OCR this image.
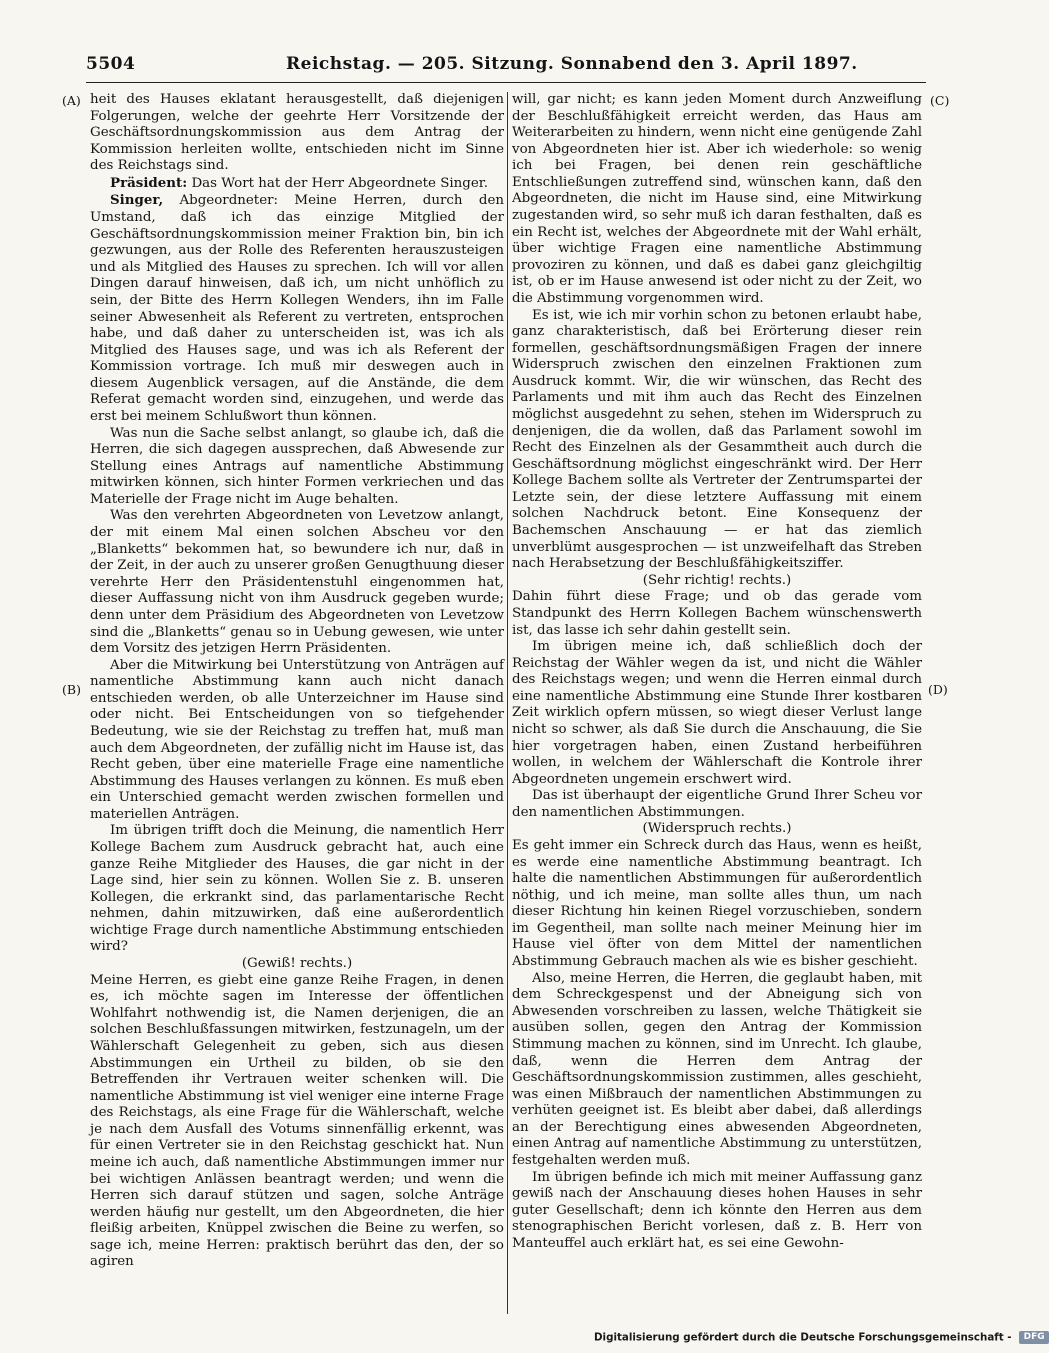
5504	Reichstag. — 205. Sitzung. Sonnabend den 3. April 1897.
(A)
(B)
(C)
(D)

heit des Hauses eklatant herausgestellt, daß diejenigen Folgerungen, welche der geehrte Herr Vorsitzende der Geschäftsordnungskommission aus dem Antrag der Kommission herleiten wollte, entschieden nicht im Sinne des Reichstags sind.

Präsident: Das Wort hat der Herr Abgeordnete Singer.

Singer, Abgeordneter: Meine Herren, durch den Umstand, daß ich das einzige Mitglied der Geschäftsordnungskommission meiner Fraktion bin, bin ich gezwungen, aus der Rolle des Referenten herauszusteigen und als Mitglied des Hauses zu sprechen. Ich will vor allen Dingen darauf hinweisen, daß ich, um nicht unhöflich zu sein, der Bitte des Herrn Kollegen Wenders, ihn im Falle seiner Abwesenheit als Referent zu vertreten, entsprochen habe, und daß daher zu unterscheiden ist, was ich als Mitglied des Hauses sage, und was ich als Referent der Kommission vortrage. Ich muß mir deswegen auch in diesem Augenblick versagen, auf die Anstände, die dem Referat gemacht worden sind, einzugehen, und werde das erst bei meinem Schlußwort thun können.

Was nun die Sache selbst anlangt, so glaube ich, daß die Herren, die sich dagegen aussprechen, daß Abwesende zur Stellung eines Antrags auf namentliche Abstimmung mitwirken können, sich hinter Formen verkriechen und das Materielle der Frage nicht im Auge behalten.

Was den verehrten Abgeordneten von Levetzow anlangt, der mit einem Mal einen solchen Abscheu vor den „Blanketts“ bekommen hat, so bewundere ich nur, daß in der Zeit, in der auch zu unserer großen Genugthuung dieser verehrte Herr den Präsidentenstuhl eingenommen hat, dieser Auffassung nicht von ihm Ausdruck gegeben wurde; denn unter dem Präsidium des Abgeordneten von Levetzow sind die „Blanketts“ genau so in Uebung gewesen, wie unter dem Vorsitz des jetzigen Herrn Präsidenten.

Aber die Mitwirkung bei Unterstützung von Anträgen auf namentliche Abstimmung kann auch nicht danach entschieden werden, ob alle Unterzeichner im Hause sind oder nicht. Bei Entscheidungen von so tiefgehender Bedeutung, wie sie der Reichstag zu treffen hat, muß man auch dem Abgeordneten, der zufällig nicht im Hause ist, das Recht geben, über eine materielle Frage eine namentliche Abstimmung des Hauses verlangen zu können. Es muß eben ein Unterschied gemacht werden zwischen formellen und materiellen Anträgen.

Im übrigen trifft doch die Meinung, die namentlich Herr Kollege Bachem zum Ausdruck gebracht hat, auch eine ganze Reihe Mitglieder des Hauses, die gar nicht in der Lage sind, hier sein zu können. Wollen Sie z. B. unseren Kollegen, die erkrankt sind, das parlamentarische Recht nehmen, dahin mitzuwirken, daß eine außerordentlich wichtige Frage durch namentliche Abstimmung entschieden wird?

(Gewiß! rechts.)

Meine Herren, es giebt eine ganze Reihe Fragen, in denen es, ich möchte sagen im Interesse der öffentlichen Wohlfahrt nothwendig ist, die Namen derjenigen, die an solchen Beschlußfassungen mitwirken, festzunageln, um der Wählerschaft Gelegenheit zu geben, sich aus diesen Abstimmungen ein Urtheil zu bilden, ob sie den Betreffenden ihr Vertrauen weiter schenken will. Die namentliche Abstimmung ist viel weniger eine interne Frage des Reichstags, als eine Frage für die Wählerschaft, welche je nach dem Ausfall des Votums sinnenfällig erkennt, was für einen Vertreter sie in den Reichstag geschickt hat. Nun meine ich auch, daß namentliche Abstimmungen immer nur bei wichtigen Anlässen beantragt werden; und wenn die Herren sich darauf stützen und sagen, solche Anträge werden häufig nur gestellt, um den Abgeordneten, die hier fleißig arbeiten, Knüppel zwischen die Beine zu werfen, so sage ich, meine Herren: praktisch berührt das den, der so agiren

will, gar nicht; es kann jeden Moment durch Anzweiflung der Beschlußfähigkeit erreicht werden, das Haus am Weiterarbeiten zu hindern, wenn nicht eine genügende Zahl von Abgeordneten hier ist. Aber ich wiederhole: so wenig ich bei Fragen, bei denen rein geschäftliche Entschließungen zutreffend sind, wünschen kann, daß den Abgeordneten, die nicht im Hause sind, eine Mitwirkung zugestanden wird, so sehr muß ich daran festhalten, daß es ein Recht ist, welches der Abgeordnete mit der Wahl erhält, über wichtige Fragen eine namentliche Abstimmung provoziren zu können, und daß es dabei ganz gleichgiltig ist, ob er im Hause anwesend ist oder nicht zu der Zeit, wo die Abstimmung vorgenommen wird.

Es ist, wie ich mir vorhin schon zu betonen erlaubt habe, ganz charakteristisch, daß bei Erörterung dieser rein formellen, geschäftsordnungsmäßigen Fragen der innere Widerspruch zwischen den einzelnen Fraktionen zum Ausdruck kommt. Wir, die wir wünschen, das Recht des Parlaments und mit ihm auch das Recht des Einzelnen möglichst ausgedehnt zu sehen, stehen im Widerspruch zu denjenigen, die da wollen, daß das Parlament sowohl im Recht des Einzelnen als der Gesammtheit auch durch die Geschäftsordnung möglichst eingeschränkt wird. Der Herr Kollege Bachem sollte als Vertreter der Zentrumspartei der Letzte sein, der diese letztere Auffassung mit einem solchen Nachdruck betont. Eine Konsequenz der Bachemschen Anschauung — er hat das ziemlich unverblümt ausgesprochen — ist unzweifelhaft das Streben nach Herabsetzung der Beschlußfähigkeitsziffer.

(Sehr richtig! rechts.)

Dahin führt diese Frage; und ob das gerade vom Standpunkt des Herrn Kollegen Bachem wünschenswerth ist, das lasse ich sehr dahin gestellt sein.

Im übrigen meine ich, daß schließlich doch der Reichstag der Wähler wegen da ist, und nicht die Wähler des Reichstags wegen; und wenn die Herren einmal durch eine namentliche Abstimmung eine Stunde Ihrer kostbaren Zeit wirklich opfern müssen, so wiegt dieser Verlust lange nicht so schwer, als daß Sie durch die Anschauung, die Sie hier vorgetragen haben, einen Zustand herbeiführen wollen, in welchem der Wählerschaft die Kontrole ihrer Abgeordneten ungemein erschwert wird.

Das ist überhaupt der eigentliche Grund Ihrer Scheu vor den namentlichen Abstimmungen.

(Widerspruch rechts.)

Es geht immer ein Schreck durch das Haus, wenn es heißt, es werde eine namentliche Abstimmung beantragt. Ich halte die namentlichen Abstimmungen für außerordentlich nöthig, und ich meine, man sollte alles thun, um nach dieser Richtung hin keinen Riegel vorzuschieben, sondern im Gegentheil, man sollte nach meiner Meinung hier im Hause viel öfter von dem Mittel der namentlichen Abstimmung Gebrauch machen als wie es bisher geschieht.

Also, meine Herren, die Herren, die geglaubt haben, mit dem Schreckgespenst und der Abneigung sich von Abwesenden vorschreiben zu lassen, welche Thätigkeit sie ausüben sollen, gegen den Antrag der Kommission Stimmung machen zu können, sind im Unrecht. Ich glaube, daß, wenn die Herren dem Antrag der Geschäftsordnungskommission zustimmen, alles geschieht, was einen Mißbrauch der namentlichen Abstimmungen zu verhüten geeignet ist. Es bleibt aber dabei, daß allerdings an der Berechtigung eines abwesenden Abgeordneten, einen Antrag auf namentliche Abstimmung zu unterstützen, festgehalten werden muß.

Im übrigen befinde ich mich mit meiner Auffassung ganz gewiß nach der Anschauung dieses hohen Hauses in sehr guter Gesellschaft; denn ich könnte den Herren aus dem stenographischen Bericht vorlesen, daß z. B. Herr von Manteuffel auch erklärt hat, es sei eine Gewohn-

Digitalisierung gefördert durch die Deutsche Forschungsgemeinschaft - DFG
